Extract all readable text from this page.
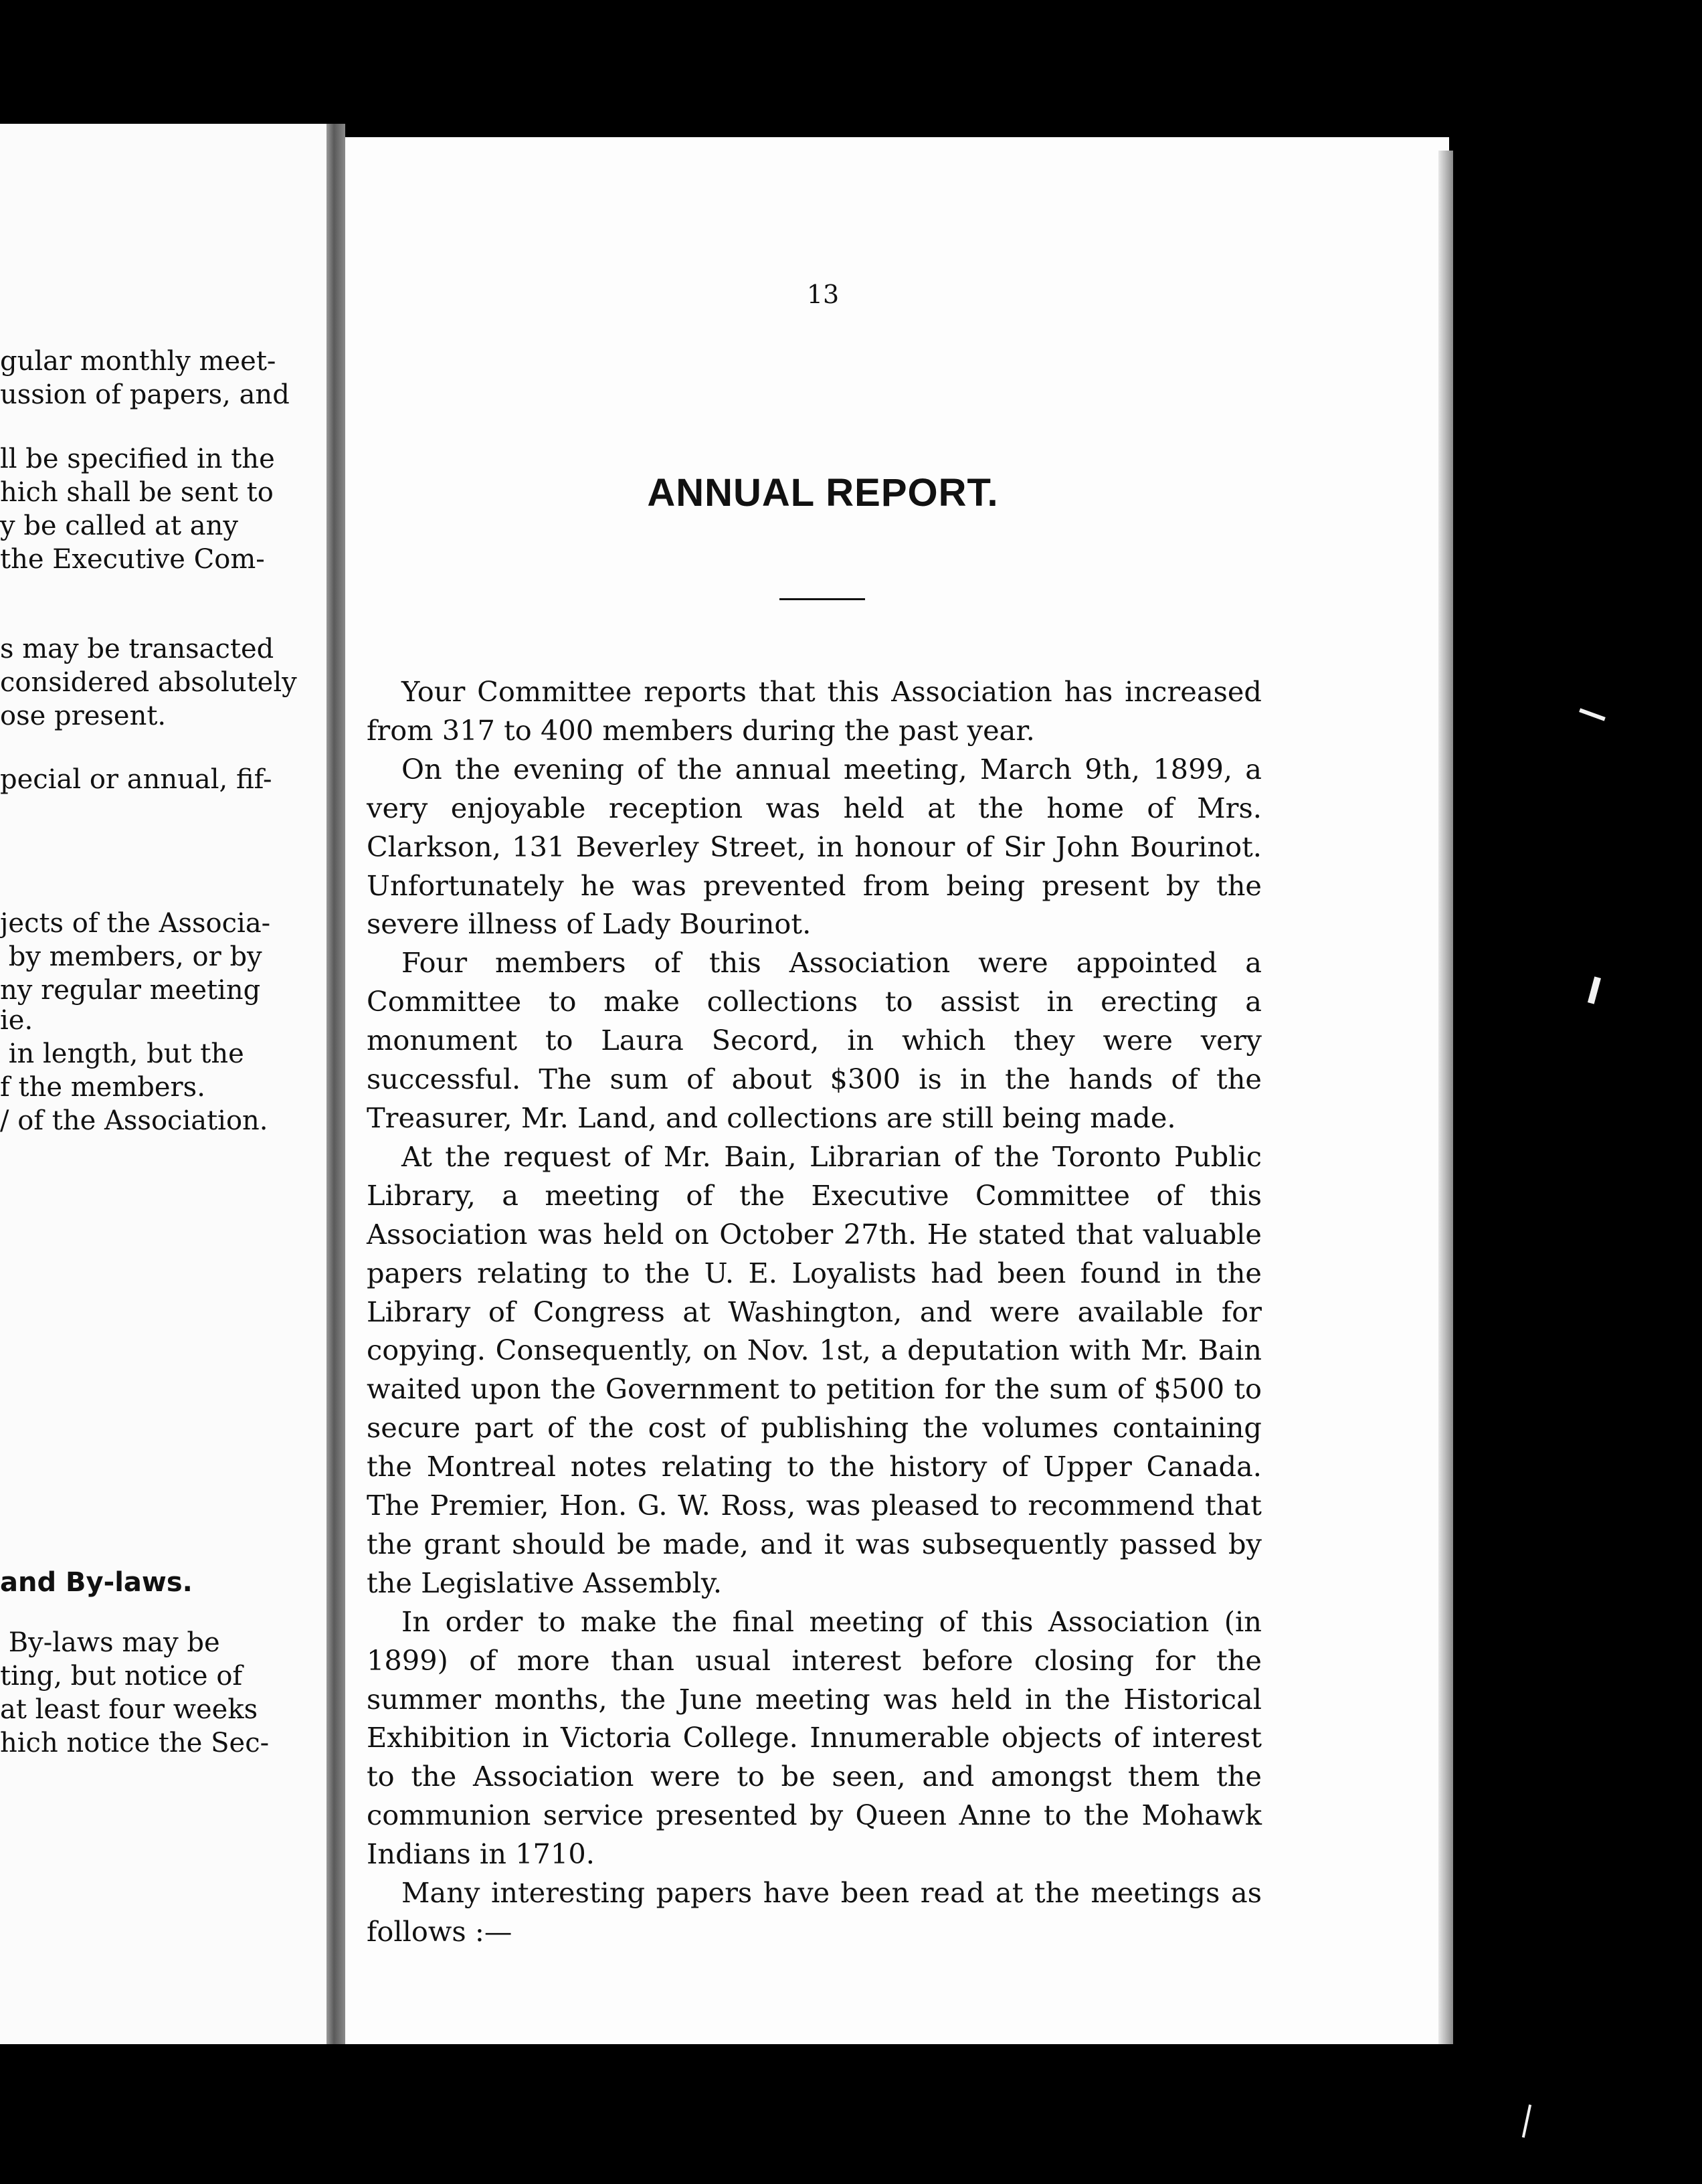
gular monthly meet-

ussion of papers, and

ll be specified in the

hich shall be sent to

y be called at any

the Executive Com-

s may be transacted

considered absolutely

ose present.

pecial or annual, fif-

jects of the Associa-

by members, or by

ny regular meeting

ie.

in length, but the

f the members.

/ of the Association.

and By-laws.

By-laws may be

ting, but notice of

at least four weeks

hich notice the Sec-

13
ANNUAL REPORT.

Your Committee reports that this Association has increased from 317 to 400 members during the past year.

On the evening of the annual meeting, March 9th, 1899, a very enjoyable reception was held at the home of Mrs. Clarkson, 131 Beverley Street, in honour of Sir John Bourinot. Unfortunately he was prevented from being present by the severe illness of Lady Bourinot.

Four members of this Association were appointed a Committee to make collections to assist in erecting a monument to Laura Secord, in which they were very successful. The sum of about $300 is in the hands of the Treasurer, Mr. Land, and collections are still being made.

At the request of Mr. Bain, Librarian of the Toronto Public Library, a meeting of the Executive Committee of this Association was held on October 27th. He stated that valuable papers relating to the U. E. Loyalists had been found in the Library of Congress at Washington, and were available for copying. Consequently, on Nov. 1st, a deputation with Mr. Bain waited upon the Government to petition for the sum of $500 to secure part of the cost of publishing the volumes containing the Montreal notes relating to the history of Upper Canada. The Premier, Hon. G. W. Ross, was pleased to recommend that the grant should be made, and it was subsequently passed by the Legislative Assembly.

In order to make the final meeting of this Association (in 1899) of more than usual interest before closing for the summer months, the June meeting was held in the Historical Exhibition in Victoria College. Innumerable objects of interest to the Association were to be seen, and amongst them the communion service presented by Queen Anne to the Mohawk Indians in 1710.

Many interesting papers have been read at the meetings as follows :—
